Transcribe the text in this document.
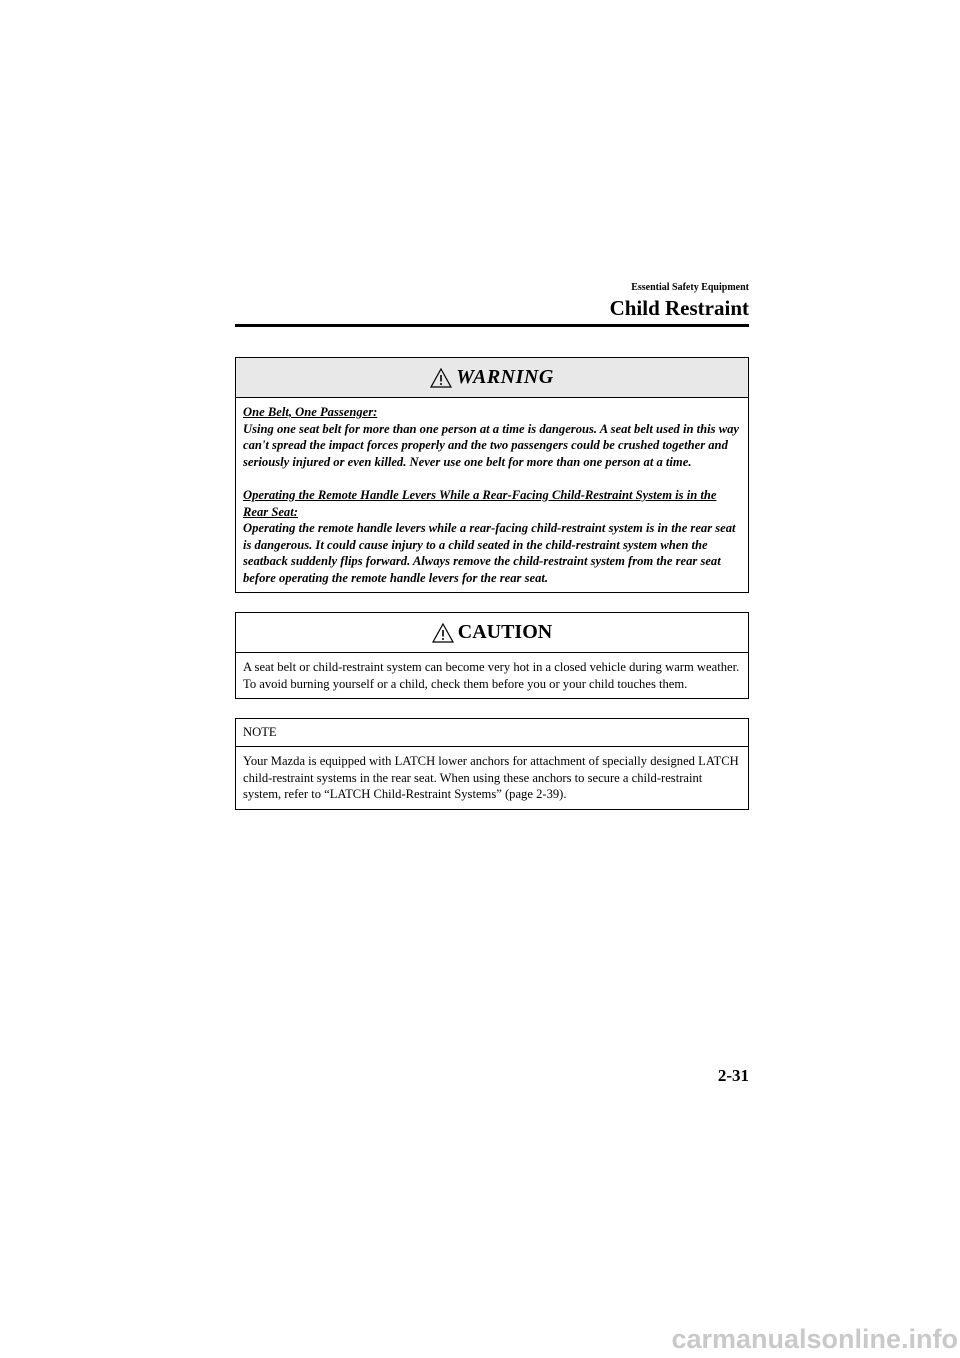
Essential Safety Equipment
Child Restraint
WARNING
One Belt, One Passenger:
Using one seat belt for more than one person at a time is dangerous. A seat belt used in this way can't spread the impact forces properly and the two passengers could be crushed together and seriously injured or even killed. Never use one belt for more than one person at a time.
Operating the Remote Handle Levers While a Rear-Facing Child-Restraint System is in the Rear Seat:
Operating the remote handle levers while a rear-facing child-restraint system is in the rear seat is dangerous. It could cause injury to a child seated in the child-restraint system when the seatback suddenly flips forward. Always remove the child-restraint system from the rear seat before operating the remote handle levers for the rear seat.
CAUTION
A seat belt or child-restraint system can become very hot in a closed vehicle during warm weather. To avoid burning yourself or a child, check them before you or your child touches them.
NOTE
Your Mazda is equipped with LATCH lower anchors for attachment of specially designed LATCH child-restraint systems in the rear seat. When using these anchors to secure a child-restraint system, refer to “LATCH Child-Restraint Systems” (page 2-39).
2-31
carmanualsonline.info
